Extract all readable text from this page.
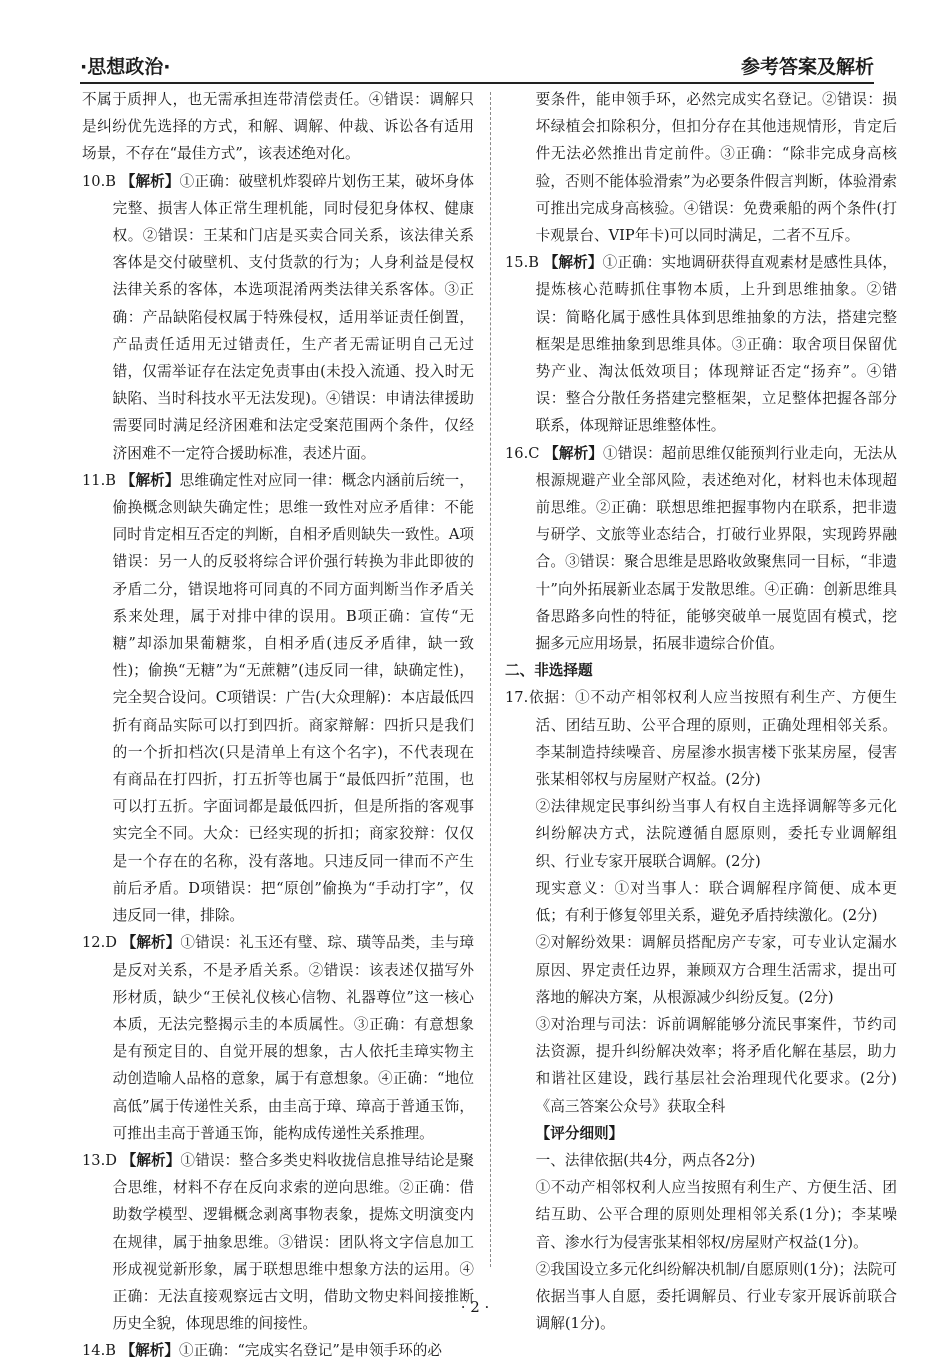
·思想政治·	参考答案及解析

不属于质押人，也无需承担连带清偿责任。④错误：调解只是纠纷优先选择的方式，和解、调解、仲裁、诉讼各有适用场景，不存在“最佳方式”，该表述绝对化。

10.B 【解析】①正确：破壁机炸裂碎片划伤王某，破坏身体完整、损害人体正常生理机能，同时侵犯身体权、健康权。②错误：王某和门店是买卖合同关系，该法律关系客体是交付破壁机、支付货款的行为；人身利益是侵权法律关系的客体，本选项混淆两类法律关系客体。③正确：产品缺陷侵权属于特殊侵权，适用举证责任倒置，产品责任适用无过错责任，生产者无需证明自己无过错，仅需举证存在法定免责事由(未投入流通、投入时无缺陷、当时科技水平无法发现)。④错误：申请法律援助需要同时满足经济困难和法定受案范围两个条件，仅经济困难不一定符合援助标准，表述片面。

11.B 【解析】思维确定性对应同一律：概念内涵前后统一，偷换概念则缺失确定性；思维一致性对应矛盾律：不能同时肯定相互否定的判断，自相矛盾则缺失一致性。A项错误：另一人的反驳将综合评价强行转换为非此即彼的矛盾二分，错误地将可同真的不同方面判断当作矛盾关系来处理，属于对排中律的误用。B项正确：宣传“无糖”却添加果葡糖浆，自相矛盾(违反矛盾律，缺一致性)；偷换“无糖”为“无蔗糖”(违反同一律，缺确定性)，完全契合设问。C项错误：广告(大众理解)：本店最低四折有商品实际可以打到四折。商家辩解：四折只是我们的一个折扣档次(只是清单上有这个名字)，不代表现在有商品在打四折，打五折等也属于“最低四折”范围，也可以打五折。字面词都是最低四折，但是所指的客观事实完全不同。大众：已经实现的折扣；商家狡辩：仅仅是一个存在的名称，没有落地。只违反同一律而不产生前后矛盾。D项错误：把“原创”偷换为“手动打字”，仅违反同一律，排除。

12.D 【解析】①错误：礼玉还有璧、琮、璜等品类，圭与璋是反对关系，不是矛盾关系。②错误：该表述仅描写外形材质，缺少“王侯礼仪核心信物、礼器尊位”这一核心本质，无法完整揭示圭的本质属性。③正确：有意想象是有预定目的、自觉开展的想象，古人依托圭璋实物主动创造喻人品格的意象，属于有意想象。④正确：“地位高低”属于传递性关系，由圭高于璋、璋高于普通玉饰，可推出圭高于普通玉饰，能构成传递性关系推理。

13.D 【解析】①错误：整合多类史料收拢信息推导结论是聚合思维，材料不存在反向求索的逆向思维。②正确：借助数学模型、逻辑概念剥离事物表象，提炼文明演变内在规律，属于抽象思维。③错误：团队将文字信息加工形成视觉新形象，属于联想思维中想象方法的运用。④正确：无法直接观察远古文明，借助文物史料间接推断历史全貌，体现思维的间接性。

14.B 【解析】①正确：“完成实名登记”是申领手环的必

要条件，能申领手环，必然完成实名登记。②错误：损坏绿植会扣除积分，但扣分存在其他违规情形，肯定后件无法必然推出肯定前件。③正确：“除非完成身高核验，否则不能体验滑索”为必要条件假言判断，体验滑索可推出完成身高核验。④错误：免费乘船的两个条件(打卡观景台、VIP年卡)可以同时满足，二者不互斥。

15.B 【解析】①正确：实地调研获得直观素材是感性具体，提炼核心范畴抓住事物本质，上升到思维抽象。②错误：简略化属于感性具体到思维抽象的方法，搭建完整框架是思维抽象到思维具体。③正确：取舍项目保留优势产业、淘汰低效项目；体现辩证否定“扬弃”。④错误：整合分散任务搭建完整框架，立足整体把握各部分联系，体现辩证思维整体性。

16.C 【解析】①错误：超前思维仅能预判行业走向，无法从根源规避产业全部风险，表述绝对化，材料也未体现超前思维。②正确：联想思维把握事物内在联系，把非遗与研学、文旅等业态结合，打破行业界限，实现跨界融合。③错误：聚合思维是思路收敛聚焦同一目标，“非遗十”向外拓展新业态属于发散思维。④正确：创新思维具备思路多向性的特征，能够突破单一展览固有模式，挖掘多元应用场景，拓展非遗综合价值。

二、非选择题

17.依据：①不动产相邻权利人应当按照有利生产、方便生活、团结互助、公平合理的原则，正确处理相邻关系。李某制造持续噪音、房屋渗水损害楼下张某房屋，侵害张某相邻权与房屋财产权益。(2分)

②法律规定民事纠纷当事人有权自主选择调解等多元化纠纷解决方式，法院遵循自愿原则，委托专业调解组织、行业专家开展联合调解。(2分)

现实意义：①对当事人：联合调解程序简便、成本更低；有利于修复邻里关系，避免矛盾持续激化。(2分)

②对解纷效果：调解员搭配房产专家，可专业认定漏水原因、界定责任边界，兼顾双方合理生活需求，提出可落地的解决方案，从根源减少纠纷反复。(2分)

③对治理与司法：诉前调解能够分流民事案件，节约司法资源，提升纠纷解决效率；将矛盾化解在基层，助力和谐社区建设，践行基层社会治理现代化要求。(2分) 《高三答案公众号》获取全科

【评分细则】

一、法律依据(共4分，两点各2分)

①不动产相邻权利人应当按照有利生产、方便生活、团结互助、公平合理的原则处理相邻关系(1分)；李某噪音、渗水行为侵害张某相邻权/房屋财产权益(1分)。

②我国设立多元化纠纷解决机制/自愿原则(1分)；法院可依据当事人自愿，委托调解员、行业专家开展诉前联合调解(1分)。

· 2 ·
